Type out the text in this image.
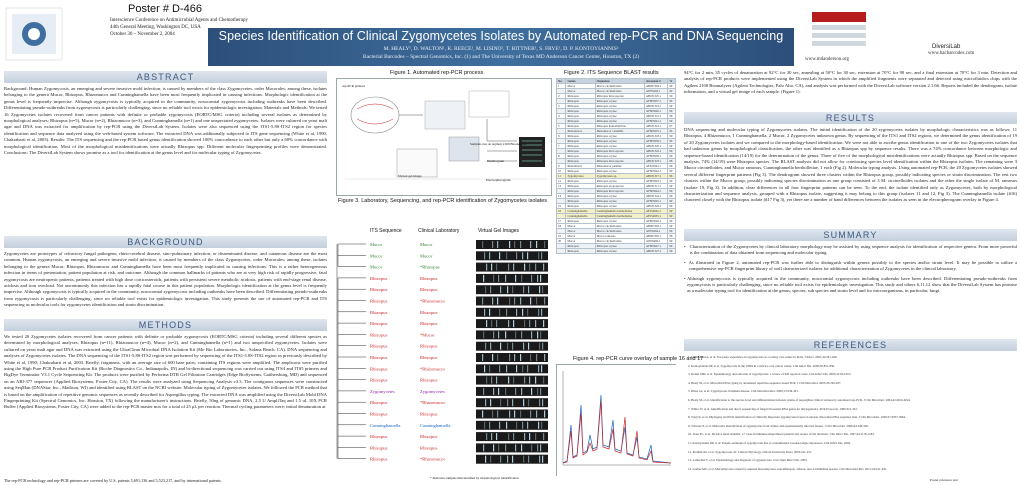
Poster # D-466
Interscience Conference on Antimicrobial Agents and Chemotherapy
44th General Meeting, Washington DC, USA
October 30 – November 2, 2004	Species Identification of Clinical Zygomycetes Isolates by Automated rep-PCR and DNA Sequencing
M. HEALY¹, D. WALTON¹, K. REECE¹, M. LISINO¹, T. BITTNER¹, S. FRYE¹, D. P. KONTOYIANNIS²
Bacterial Barcodes – Spectral Genomics, Inc. (1) and The University of Texas MD Anderson Cancer Center, Houston, TX (2)	www.mdanderson.org
DiversiLab
www.bacbarcodes.com
ABSTRACT
Background: Human Zygomycosis, an emerging and severe invasive mold infection, is caused by members of the class Zygomycetes, order Mucorales; among these, isolates belonging to the genera Mucor, Rhizopus, Rhizomucor and Cunninghamella have been most frequently implicated in causing infections. Morphologic identification at the genus level is frequently imprecise. Although zygomycosis is typically acquired in the community, nosocomial zygomycosis including outbreaks have been described. Differentiating pseudo-outbreaks from zygomycosis is particularly challenging, since no reliable tool exists for epidemiologic investigation. Materials and Methods: We tested 16 Zygomycetes isolates recovered from cancer patients with definite or probable zygomycosis (EORTC/MSG criteria) including several isolates as determined by morphological analyses: Rhizopus (n=5), Mucor (n=2), Rhizomucor (n=3), and Cunninghamella (n=1) and one unspeciated zygomycetes. Isolates were cultured on yeast malt agar and DNA was extracted for amplification by rep-PCR using the DiversiLab System. Isolates were also sequenced using the ITS1-5.8S-ITS2 region for species identification and sequence data analyzed using the web-based system software. The extracted DNA was additionally subjected to ITS gene sequencing (White et al, 1990, Chakrabarti et al, 2003). Results: The ITS sequencing and the rep-PCR based genus identification showed 100% concordance to each other but only a 60% concordance with morphological identification. Most of the morphological misidentifications were actually Rhizopus spp. Different molecular fingerprinting profiles were demonstrated. Conclusions: The DiversiLab System shows promise as a tool for identification at the genus level and for molecular typing of Zygomycetes.
BACKGROUND
Zygomycetes are prototypes of refractory fungal pathogens; rhino-cerebral disease, sino-pulmonary infection, or disseminated disease, and cutaneous disease are the most common. Human zygomycosis, an emerging and severe invasive mold infection, is caused by members of the class Zygomycetes, order Mucorales; among these, isolates belonging to the genera Mucor, Rhizopus, Rhizomucor and Cunninghamella have been most frequently implicated in causing infections. This is a rather heterogeneous infection in terms of presentation, patient population at risk, and outcome. Although the common hallmarks of patients who are at very high risk of rapidly progressive, fatal zygomycosis are neutropenic patients, patients treated with high dose corticosteroids, patients with persistent severe metabolic acidosis, patients with end-stage renal disease, acidosis and iron overload. Not uncommonly this infection has a rapidly fatal course in this patient population. Morphologic identification at the genus level is frequently imprecise. Although zygomycosis is typically acquired in the community, nosocomial zygomycosis including outbreaks have been described. Differentiating pseudo-outbreaks from zygomycosis is particularly challenging, since no reliable tool exists for epidemiologic investigation. This study presents the use of automated rep-PCR and ITS sequencing as molecular tools for zygomycetes identification and strain discrimination.
METHODS
We tested 20 Zygomycetes isolates recovered from cancer patients with definite or probable zygomycosis (EORTC/MSG criteria) including several different species as determined by morphological analyses; Rhizopus (n=11), Rhizomucor (n=4), Mucor (n=2), and Cunninghamella (n=1) and two unspecified zygomycetes. Isolates were cultured on yeast malt agar and DNA was extracted using the UltraClean Microbial DNA Isolation Kit (Mo Bio Laboratories, Inc., Solana Beach, CA). DNA sequencing and analyses of Zygomycetes isolates. The DNA sequencing of the ITS1-5.8S-ITS2 region was performed by sequencing of the ITS1-5.8S-ITS2 region as previously described by White et al, 1990; Chakrabarti et al, 2003. Briefly, fragments, with an average size of 600 base pairs, containing ITS regions were amplified. The amplicons were purified using the High Pure PCR Product Purification Kit (Roche Diagnostics Co., Indianapolis, IN) and bi-directional sequencing was carried out using ITS4 and ITS5 primers and BigDye Terminator V3.1 Cycle Sequencing Kit. The products were purified by Performa DTR Gel Filtration Cartridges (Edge BioSystems, Gaithersburg, MD) and sequenced on an ABI-377 sequencer (Applied Biosystems, Foster City, CA). The results were analyzed using Sequencing Analysis v3.3. The contiguous sequences were constructed using SeqMan (DNAStar, Inc., Madison, WI) and identified using BLAST on the NCBI website. Molecular typing of Zygomycetes isolates. We followed the PCR method that is based on the amplification of repetitive genomic sequences as recently described for Aspergillus typing. The extracted DNA was amplified using the DiversiLab Mold DNA Fingerprinting Kit (Spectral Genomics, Inc. Houston, TX) following the manufacturer's instructions. Briefly, 50ng of genomic DNA, 2.5 U AmpliTaq and 1.5 uL 10X PCR Buffer (Applied Biosystems, Foster City, CA) were added to the rep-PCR master mix for a total of 25 μL per reaction. Thermal cycling parameters were; initial denaturation at
The rep-PCR technology and rep-PCR primers are covered by U.S. patents 5,691,136 and 5,523,217, and by international patents.
Figure 1. Automated rep-PCR process
rep-PCR primers
Samples run on Agilent 2100 Bioanalyzer
Dendrogram
Electropherogram
Virtual gel image
Figure 3. Laboratory, Sequencing, and rep-PCR identification of Zygomycetes isolates
Figure 2. ITS Sequence BLAST results
No.	Genus	Organism	Accession #	%
1	Mucor	Mucor circinelloides	AB097394.1	99
	Mucor	Mucor circinelloides	AJ876493.1	99
2	Rhizopus	Rhizopus microsporus	AB181325.1	99
	Rhizopus	Rhizopus oryzae	AY803937.1	99
3	Rhizopus	Rhizopus oryzae	AB181319.1	99
	Rhizopus	Rhizopus oryzae	AY803940.1	99
4	Rhizopus	Rhizopus oryzae	AB181321.1	98
	Rhizopus	Rhizopus oryzae	AY803941.1	99
5	Rhizopus	Rhizopus homothallicus	AB181316.1	97
	Rhizomucor	Rhizomucor variabilis	AY803935.1	96
6	Rhizopus	Rhizopus oryzae	AB181318.1	99
	Rhizopus	Rhizopus oryzae	AY803939.1	99
7	Rhizopus	Rhizopus oryzae	AB181320.1	99
	Rhizopus	Rhizopus microsporus	AB181322.1	99
8	Rhizopus	Rhizopus oryzae	AY803938.1	99
	Rhizopus	Rhizopus microsporus	AB181323.1	98
9	Rhizomucor	Rhizomucor pusillus	AF325934.1	99
10	Rhizopus	Rhizopus oryzae	AY803942.1	99
11	Zygomycetes	Zygomycetes sp.	AB181317.1	96
12	Rhizopus	Rhizopus oryzae	AY803943.1	99
13	Rhizopus	Rhizopus azygosporus	AB181311.1	99
	Rhizopus	Rhizopus microsporus	AY803944.1	99
14	Rhizopus	Rhizopus oryzae	AB181324.1	99
	Rhizopus	Rhizopus oryzae	AY803945.1	99
15	Rhizopus	Rhizopus oryzae	AB181326.1	99
16	Cunninghamella	Cunninghamella bertholletiae	AF254932.1	99
	Cunninghamella	Cunninghamella bertholletiae	AF254933.1	99
17	Rhizopus	Rhizopus oryzae	AY803946.1	99
18	Mucor	Mucor circinelloides	AB097393.1	99
	Mucor	Mucor circinelloides	AJ876494.1	99
19	Mucor	Mucor ramosus	AB097395.1	98
20	Mucor	Mucor circinelloides	AJ876495.1	99
	Rhizopus	Rhizopus oryzae	AY803947.1	99
	Rhizopus	Rhizopus oryzae	AB181327.1	99
ITS Sequence	Clinical Laboratory	Virtual Gel Images
Mucor	Mucor
Mucor	Mucor
Mucor	*Rhizopus
Rhizopus	Rhizopus
Rhizopus	Rhizopus
Rhizopus	*Rhizomucor
Rhizopus	Rhizopus
Rhizopus	Rhizopus
Rhizopus	*Mucor
Rhizopus	Rhizopus
Rhizopus	Rhizopus
Rhizopus	*Rhizomucor
Rhizopus	Rhizopus
Zygomycetes	Zygomycetes
Rhizopus	*Rhizomucor
Rhizopus	Rhizopus
Cunninghamella	Cunninghamella
Rhizopus	Rhizopus
Rhizopus	Rhizopus
Rhizopus	*Rhizomucor
* Indicates samples misclassified by morphological identification
Figure 4. rep-PCR curve overlay of sample 16 and 17
94°C for 2 min, 35 cycles of denaturation at 92°C for 30 sec, annealing at 50°C for 30 sec, extension at 70°C for 90 sec, and a final extension at 70°C for 3 min. Detection and analysis of rep-PCR products were implemented using the DiversiLab System in which the amplified fragments were separated and detected using microfluidics chips with the Agilent 2100 Bioanalyzer (Agilent Technologies, Palo Alto, CA), and analysis was performed with the DiversiLab software version 2.1.66. Reports included the dendrogram, isolate information, and a virtual gel image of each sample. (Figure 1).
RESULTS
DNA sequencing and molecular typing of Zygomycetes isolates. The initial identification of the 20 zygomycetes isolates by morphologic characteristics was as follows: 11 Rhizopus, 4 Rhizomucor, 1 Cunninghamella, 2 Mucor, 2 Zygomycetes unknown genus. By sequencing of the ITS1 and ITS2 regions, we determined the genus identification of 19 of 20 Zygomycetes isolates and we compared to the morphology-based identification. We were not able to ascribe genus identification to one of the two Zygomycetes isolates that had unknown genus by morphological classification, the other was identified as a Rhizopus spp by sequence results. There was a 74% concordance between morphologic and sequence-based identification (14/19) for the determination of the genus. Three of five of the morphological misidentifications were actually Rhizopus spp. Based on the sequence analysis, 74% (14/19) were Rhizopus species. The BLAST analysis did not allow for convincing species level identification within the Rhizopus isolates. The remaining were 3 Mucor circinelloides, and Mucor ramosus, Cunninghamella bertholletiae, 1 each (Fig 2). Molecular typing analysis. Using automated rep-PCR, the 20 Zygomycetes isolates showed several different fingerprint patterns (Fig 3). The dendrogram showed three clusters within the Rhizopus group, possibly indicating species or strain discrimination. The rest two clusters within the Mucor group, possibly indicating species discrimination as one group consisted of 3 M. circinelloides isolates and the other the single isolate of M. ramosus (isolate 19, Fig 3). In addition, clear differences in all four fingerprint patterns can be seen. To the end, the isolate identified only as Zygomycetes, both by morphological characterization and sequence analysis, grouped with a Rhizopus isolate, suggesting it may belong to this group (isolates 11 and 12, Fig 3). The Cunninghamella isolate (#16) clustered closely with the Rhizopus isolate (#17 Fig 3), yet there are a number of band differences between the isolates as seen in the electropherogram overlay in Figure 4.
SUMMARY
• Characterization of the Zygomycetes by clinical laboratory morphology may be assisted by using sequence analysis for identification of respective genera. From more powerful is the combination of data obtained from sequencing and molecular typing.
• As illustrated in Figure 2, automated rep-PCR was further able to distinguish within genera possibly to the species and/or strain level. It may be possible to utilize a comprehensive rep-PCR fingerprint library of well characterized isolates for additional characterization of Zygomycetes in the clinical laboratory.
• Although zygomycosis is typically acquired in the community, nosocomial zygomycosis including outbreaks have been described. Differentiating pseudo-outbreaks from zygomycosis is particularly challenging, since no reliable tool exists for epidemiologic investigation. This study and others 6,11,12 show that the DiversiLab System has promise as a molecular typing tool for identification at the genus, species, sub species and strain level and for microorganisms, in particular, fungi.
REFERENCES
1. Chakrabarti A, et al. Ten years' experience in zygomycosis at a tertiary care centre in India. J Infect. 2001;42:261-266.
2. Kontoyiannis DP, et al. Zygomycosis in the 1990s in a tertiary-care cancer center. Clin Infect Dis. 2000;30:851-856.
3. Roden MM, et al. Epidemiology and outcome of zygomycosis: a review of 929 reported cases. Clin Infect Dis. 2005;41:634-653.
4. Healy M, et al. Microbial DNA typing by automated repetitive-sequence-based PCR. J Clin Microbiol. 2005;43:199-207.
5. Ribes JA, et al. Zygomycetes in human disease. Clin Microbiol Rev. 2000;13:236-301.
6. Healy M, et al. Identification to the species level and differentiation between strains of Aspergillus clinical isolates by automated rep-PCR. J Clin Microbiol. 2004;42:4016-4024.
7. White TJ, et al. Amplification and direct sequencing of fungal ribosomal RNA genes for phylogenetics. PCR Protocols. 1990:315-322.
8. Voigt K, et al. Phylogeny and PCR identification of clinically important zygomycetes based on nuclear ribosomal-DNA sequence data. J Clin Microbiol. 1999;37:3957-3964.
9. Schwarz P, et al. Molecular identification of zygomycetes from culture and experimentally infected tissues. J Clin Microbiol. 2006;44:340-349.
10. Iwen PC, et al. Invasive mold sinusitis: 17 cases in immunocompromised patients and review of the literature. Clin Infect Dis. 1997;24:1178-1184.
11. Kontoyiannis DP, et al. Pseudo-outbreak of zygomycosis due to contaminated wooden tongue depressors. Clin Infect Dis. 2004.
12. Ibrahim AS, et al. Zygomycosis. In: Clinical Mycology. Oxford University Press, 2003:241-251.
13. Lanternier F, et al. Epidemiology and diagnosis of zygomycosis. Curr Opin Infect Dis. 2003.
14. Gomes MZ, et al. Mucormycosis caused by unusual mucormycetes, non-Rhizopus, -Mucor, and -Lichtheimia species. Clin Microbiol Rev. 2011;24:411-445.
Poster reference text
